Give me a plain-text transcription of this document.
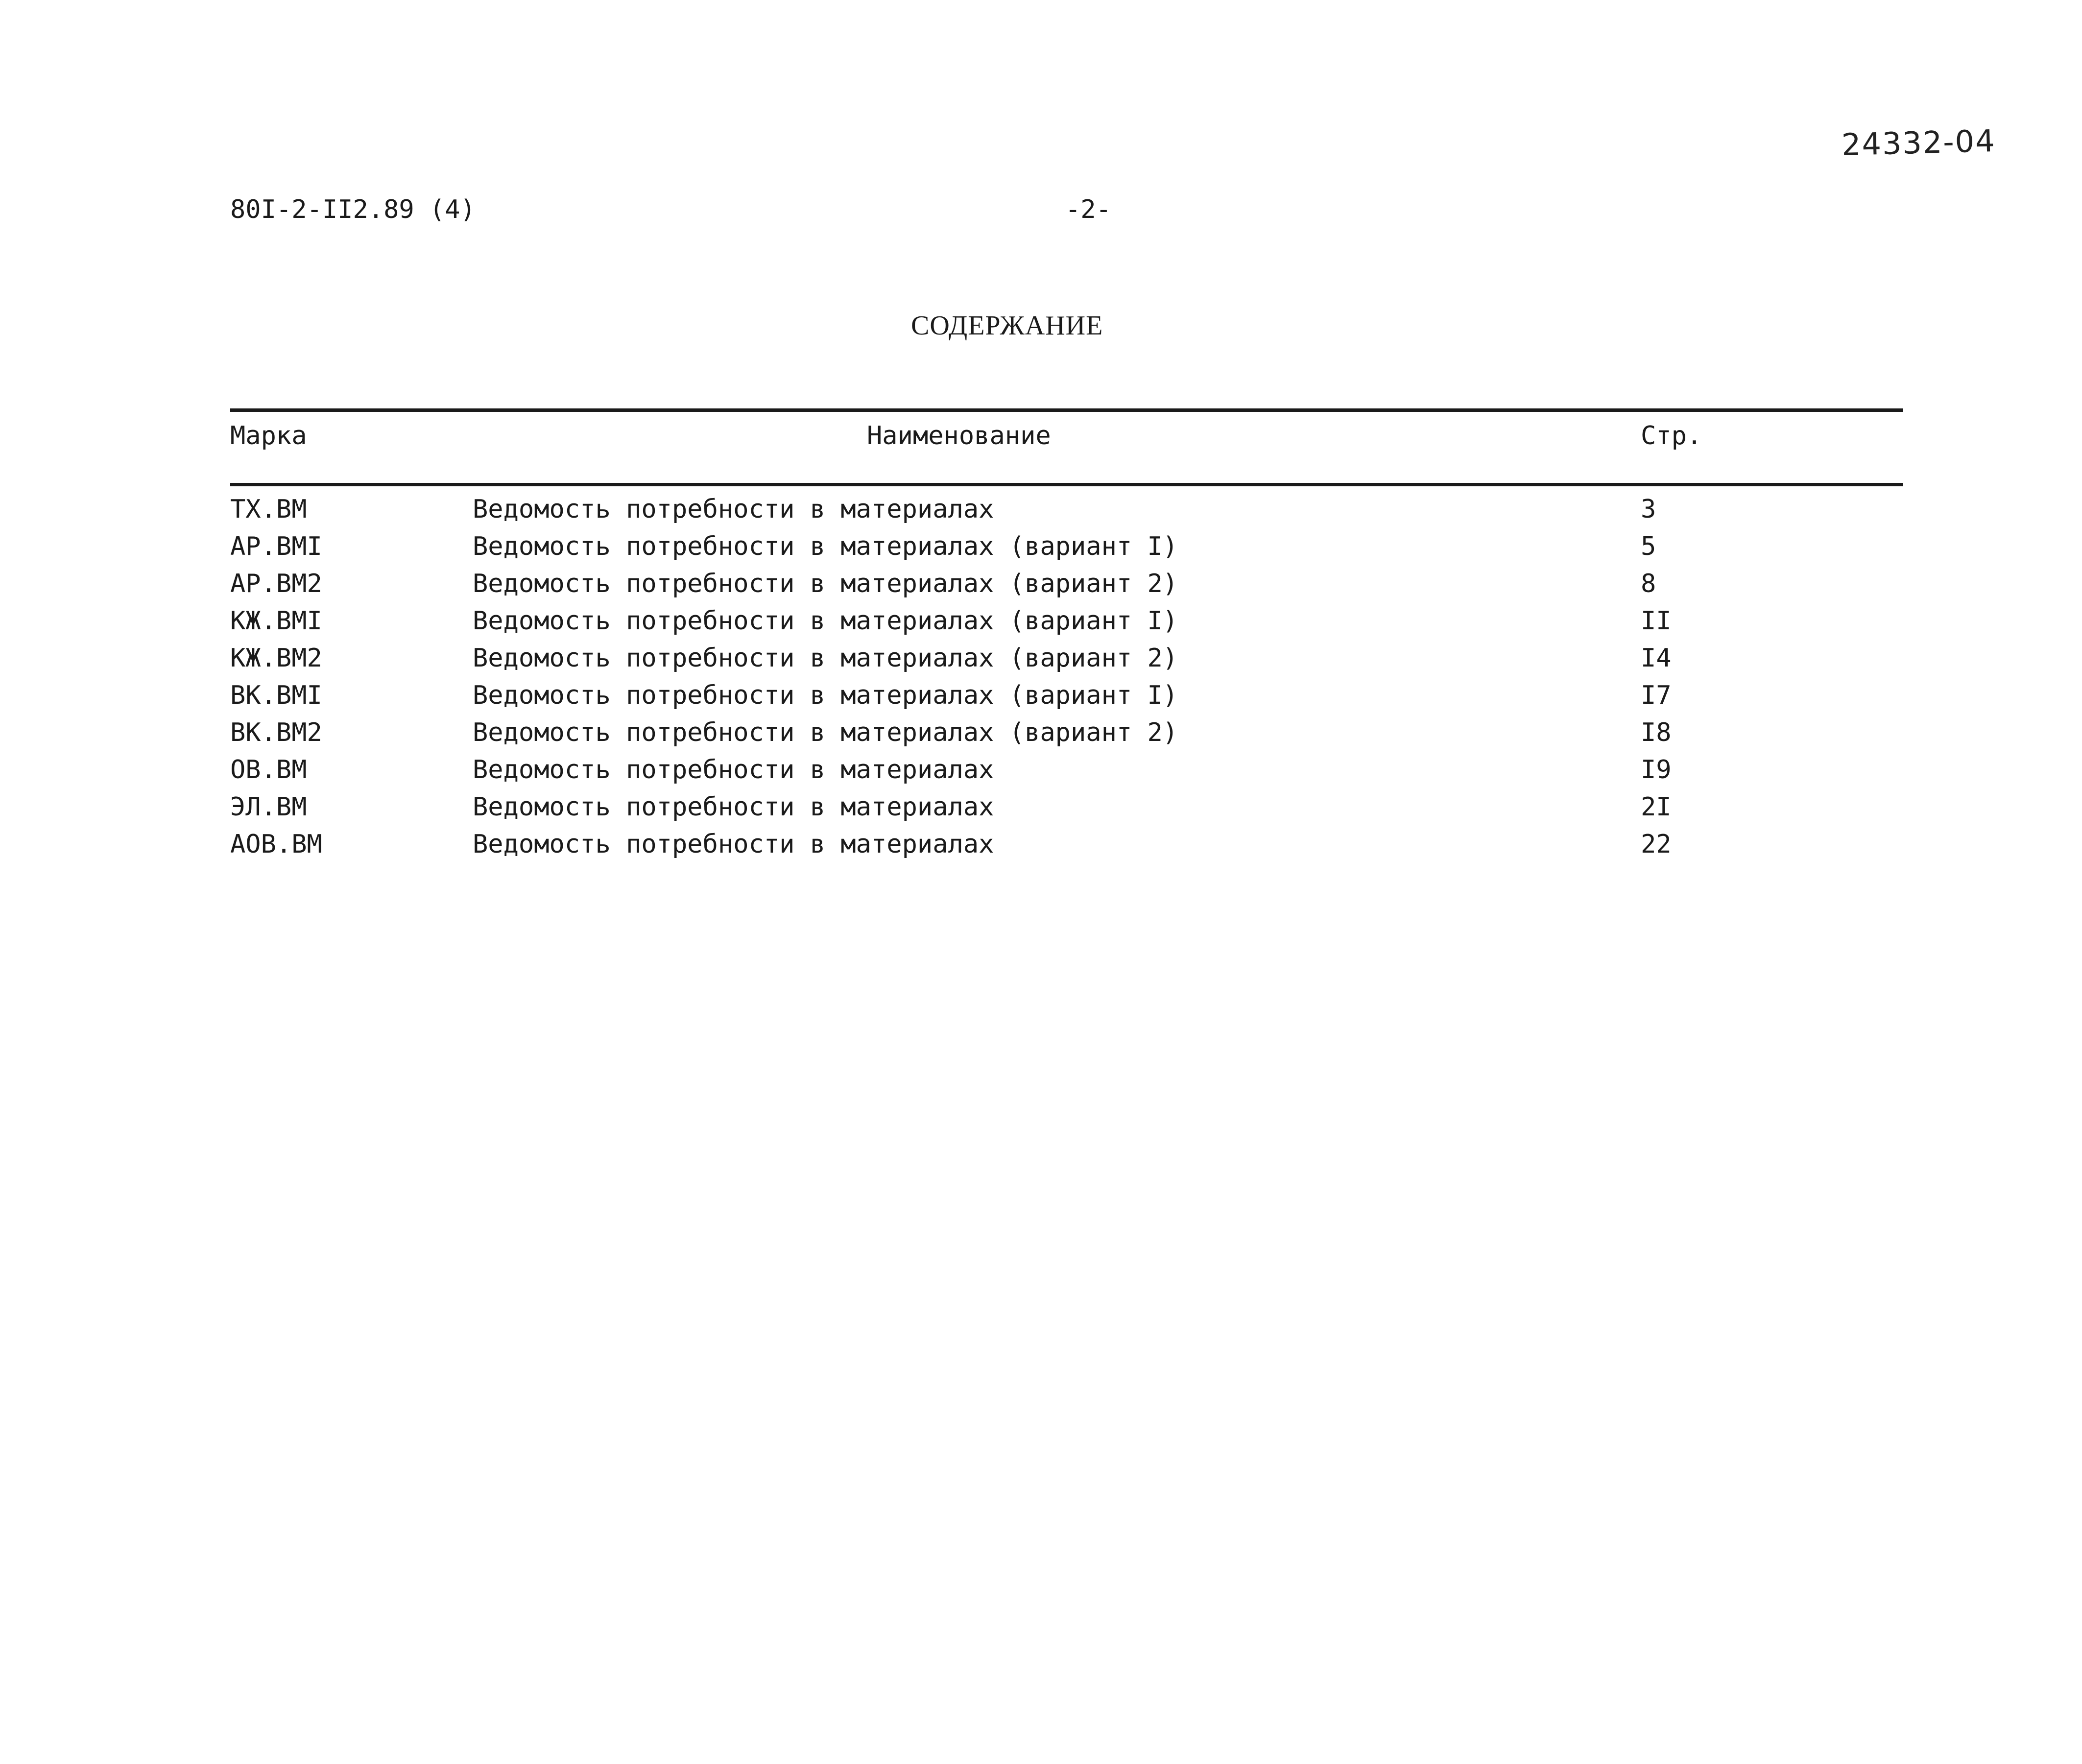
24332-04
80I-2-II2.89 (4)	-2-
СОДЕРЖАНИЕ
Марка	Наименование	Стр.
TX.BM	Ведомость потребности в материалах	3
AP.BMI	Ведомость потребности в материалах (вариант I)	5
AP.BM2	Ведомость потребности в материалах (вариант 2)	8
КЖ.BMI	Ведомость потребности в материалах (вариант I)	II
КЖ.BM2	Ведомость потребности в материалах (вариант 2)	I4
BK.BMI	Ведомость потребности в материалах (вариант I)	I7
BK.BM2	Ведомость потребности в материалах (вариант 2)	I8
OB.BM	Ведомость потребности в материалах	I9
ЭЛ.BM	Ведомость потребности в материалах	2I
AOB.BM	Ведомость потребности в материалах	22
